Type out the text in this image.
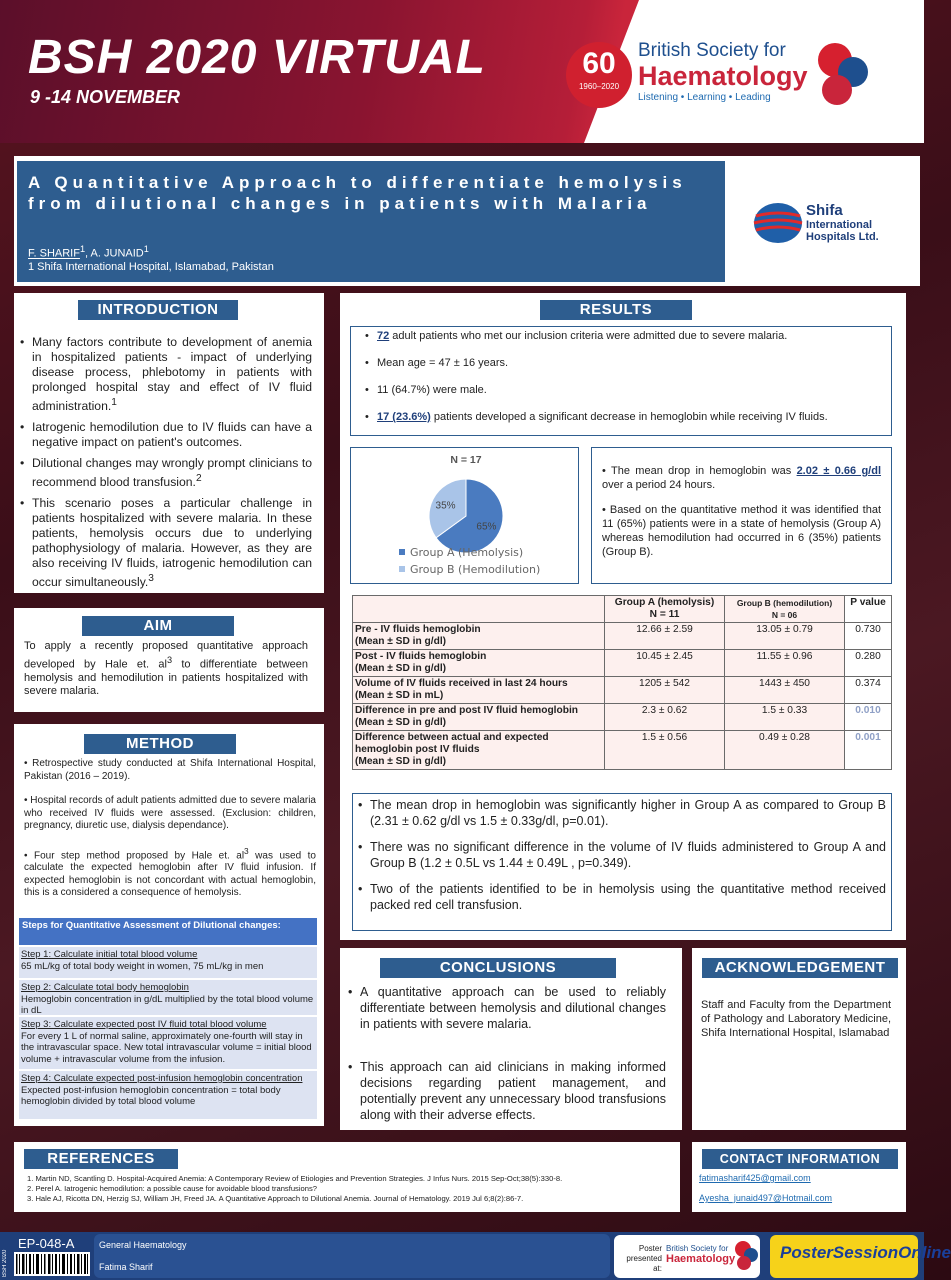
BSH 2020 VIRTUAL
9 -14 NOVEMBER
60
1960–2020
British Society for
Haematology
Listening • Learning • Leading
A Quantitative Approach to differentiate hemolysis from dilutional changes in patients with Malaria
F. SHARIF$^1$, A. JUNAID$^1$
1 Shifa International Hospital, Islamabad, Pakistan
Shifa
International
Hospitals Ltd.
INTRODUCTION
• Many factors contribute to development of anemia in hospitalized patients - impact of underlying disease process, phlebotomy in patients with prolonged hospital stay and effect of IV fluid administration.$^1$
• Iatrogenic hemodilution due to IV fluids can have a negative impact on patient's outcomes.
• Dilutional changes may wrongly prompt clinicians to recommend blood transfusion.$^2$
• This scenario poses a particular challenge in patients hospitalized with severe malaria. In these patients, hemolysis occurs due to underlying pathophysiology of malaria. However, as they are also receiving IV fluids, iatrogenic hemodilution can occur simultaneously.$^3$
AIM
To apply a recently proposed quantitative approach developed by Hale et. $al^3$ to differentiate between hemolysis and hemodilution in patients hospitalized with severe malaria.
METHOD

• Retrospective study conducted at Shifa International Hospital, Pakistan (2016 – 2019).

• Hospital records of adult patients admitted due to severe malaria who received IV fluids were assessed. (Exclusion: children, pregnancy, diuretic use, dialysis dependance).

• Four step method proposed by Hale et. $al^3$ was used to calculate the expected hemoglobin after IV fluid infusion. If expected hemoglobin is not concordant with actual hemoglobin, this is a considered a consequence of hemolysis.

Steps for Quantitative Assessment of Dilutional changes:
Step 1: Calculate initial total blood volume
65 mL/kg of total body weight in women, 75 mL/kg in men
Step 2: Calculate total body hemoglobin
Hemoglobin concentration in g/dL multiplied by the total blood volume in dL
Step 3: Calculate expected post IV fluid total blood volume
For every 1 L of normal saline, approximately one-fourth will stay in the intravascular space. New total intravascular volume = initial blood volume + intravascular volume from the infusion.
Step 4: Calculate expected post-infusion hemoglobin concentration
Expected post-infusion hemoglobin concentration = total body hemoglobin divided by total blood volume
RESULTS
• 72 adult patients who met our inclusion criteria were admitted due to severe malaria.
• Mean age = 47 ± 16 years.
• 11 (64.7%) were male.
• 17 (23.6%) patients developed a significant decrease in hemoglobin while receiving IV fluids.
N = 17
65%
35%
Group A (Hemolysis)
Group B (Hemodilution)

• The mean drop in hemoglobin was 2.02 ± 0.66 g/dl over a period 24 hours.

• Based on the quantitative method it was identified that 11 (65%) patients were in a state of hemolysis (Group A) whereas hemodilution had occurred in 6 (35%) patients (Group B).

	Group A (hemolysis)
N = 11	Group B (hemodilution)
N = 06	P value
Pre - IV fluids hemoglobin
(Mean ± SD in g/dl)	12.66 ± 2.59	13.05 ± 0.79	0.730
Post - IV fluids hemoglobin
(Mean ± SD in g/dl)	10.45 ± 2.45	11.55 ± 0.96	0.280
Volume of IV fluids received in last 24 hours
(Mean ± SD in mL)	1205 ± 542	1443 ± 450	0.374
Difference in pre and post IV fluid hemoglobin
(Mean ± SD in g/dl)	2.3 ± 0.62	1.5 ± 0.33	0.010
Difference between actual and expected hemoglobin post IV fluids
(Mean ± SD in g/dl)	1.5 ± 0.56	0.49 ± 0.28	0.001
• The mean drop in hemoglobin was significantly higher in Group A as compared to Group B (2.31 ± 0.62 g/dl vs 1.5 ± 0.33g/dl, p=0.01).
• There was no significant difference in the volume of IV fluids administered to Group A and Group B (1.2 ± 0.5L vs 1.44 ± 0.49L , p=0.349).
• Two of the patients identified to be in hemolysis using the quantitative method received packed red cell transfusion.
CONCLUSIONS
• A quantitative approach can be used to reliably differentiate between hemolysis and dilutional changes in patients with severe malaria.
• This approach can aid clinicians in making informed decisions regarding patient management, and potentially prevent any unnecessary blood transfusions along with their adverse effects.
ACKNOWLEDGEMENT
Staff and Faculty from the Department of Pathology and Laboratory Medicine, Shifa International Hospital, Islamabad
REFERENCES
1. Martin ND, Scantling D. Hospital-Acquired Anemia: A Contemporary Review of Etiologies and Prevention Strategies. J Infus Nurs. 2015 Sep-Oct;38(5):330-8.
2. Perel A. Iatrogenic hemodilution: a possible cause for avoidable blood transfusions?
3. Hale AJ, Ricotta DN, Herzig SJ, William JH, Freed JA. A Quantitative Approach to Dilutional Anemia. Journal of Hematology. 2019 Jul 6;8(2):86-7.
CONTACT INFORMATION
fatimasharif425@gmail.com
Ayesha_junaid497@Hotmail.com
BSH 2020
EP-048-A	General Haematology
Fatima Sharif
Poster
presented at:
British Society for
Haematology	PosterSessionOnline
